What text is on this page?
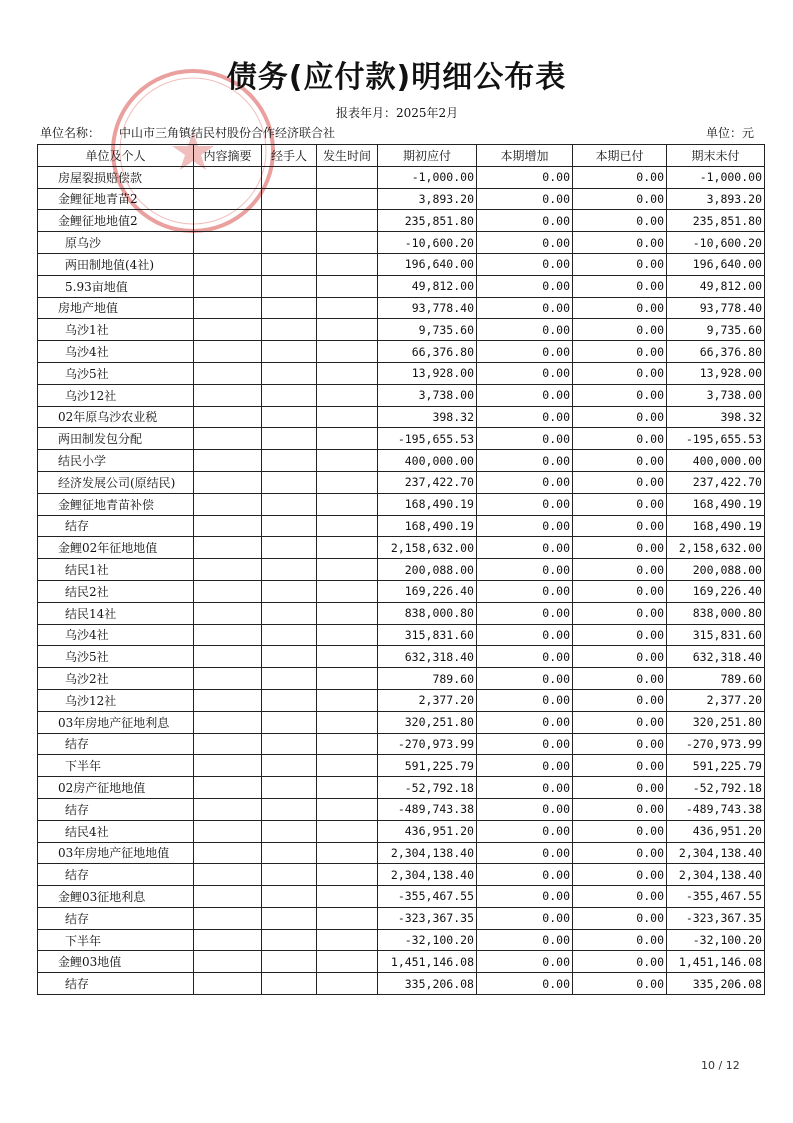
债务(应付款)明细公布表
报表年月：2025年2月
单位名称： 中山市三角镇结民村股份合作经济联合社	单位：元
单位及个人	内容摘要	经手人	发生时间	期初应付	本期增加	本期已付	期末未付
房屋裂损赔偿款				-1,000.00	0.00	0.00	-1,000.00
金鲤征地青苗2				3,893.20	0.00	0.00	3,893.20
金鲤征地地值2				235,851.80	0.00	0.00	235,851.80
原乌沙				-10,600.20	0.00	0.00	-10,600.20
两田制地值(4社)				196,640.00	0.00	0.00	196,640.00
5.93亩地值				49,812.00	0.00	0.00	49,812.00
房地产地值				93,778.40	0.00	0.00	93,778.40
乌沙1社				9,735.60	0.00	0.00	9,735.60
乌沙4社				66,376.80	0.00	0.00	66,376.80
乌沙5社				13,928.00	0.00	0.00	13,928.00
乌沙12社				3,738.00	0.00	0.00	3,738.00
02年原乌沙农业税				398.32	0.00	0.00	398.32
两田制发包分配				-195,655.53	0.00	0.00	-195,655.53
结民小学				400,000.00	0.00	0.00	400,000.00
经济发展公司(原结民)				237,422.70	0.00	0.00	237,422.70
金鲤征地青苗补偿				168,490.19	0.00	0.00	168,490.19
结存				168,490.19	0.00	0.00	168,490.19
金鲤02年征地地值				2,158,632.00	0.00	0.00	2,158,632.00
结民1社				200,088.00	0.00	0.00	200,088.00
结民2社				169,226.40	0.00	0.00	169,226.40
结民14社				838,000.80	0.00	0.00	838,000.80
乌沙4社				315,831.60	0.00	0.00	315,831.60
乌沙5社				632,318.40	0.00	0.00	632,318.40
乌沙2社				789.60	0.00	0.00	789.60
乌沙12社				2,377.20	0.00	0.00	2,377.20
03年房地产征地利息				320,251.80	0.00	0.00	320,251.80
结存				-270,973.99	0.00	0.00	-270,973.99
下半年				591,225.79	0.00	0.00	591,225.79
02房产征地地值				-52,792.18	0.00	0.00	-52,792.18
结存				-489,743.38	0.00	0.00	-489,743.38
结民4社				436,951.20	0.00	0.00	436,951.20
03年房地产征地地值				2,304,138.40	0.00	0.00	2,304,138.40
结存				2,304,138.40	0.00	0.00	2,304,138.40
金鲤03征地利息				-355,467.55	0.00	0.00	-355,467.55
结存				-323,367.35	0.00	0.00	-323,367.35
下半年				-32,100.20	0.00	0.00	-32,100.20
金鲤03地值				1,451,146.08	0.00	0.00	1,451,146.08
结存				335,206.08	0.00	0.00	335,206.08
10 / 12
